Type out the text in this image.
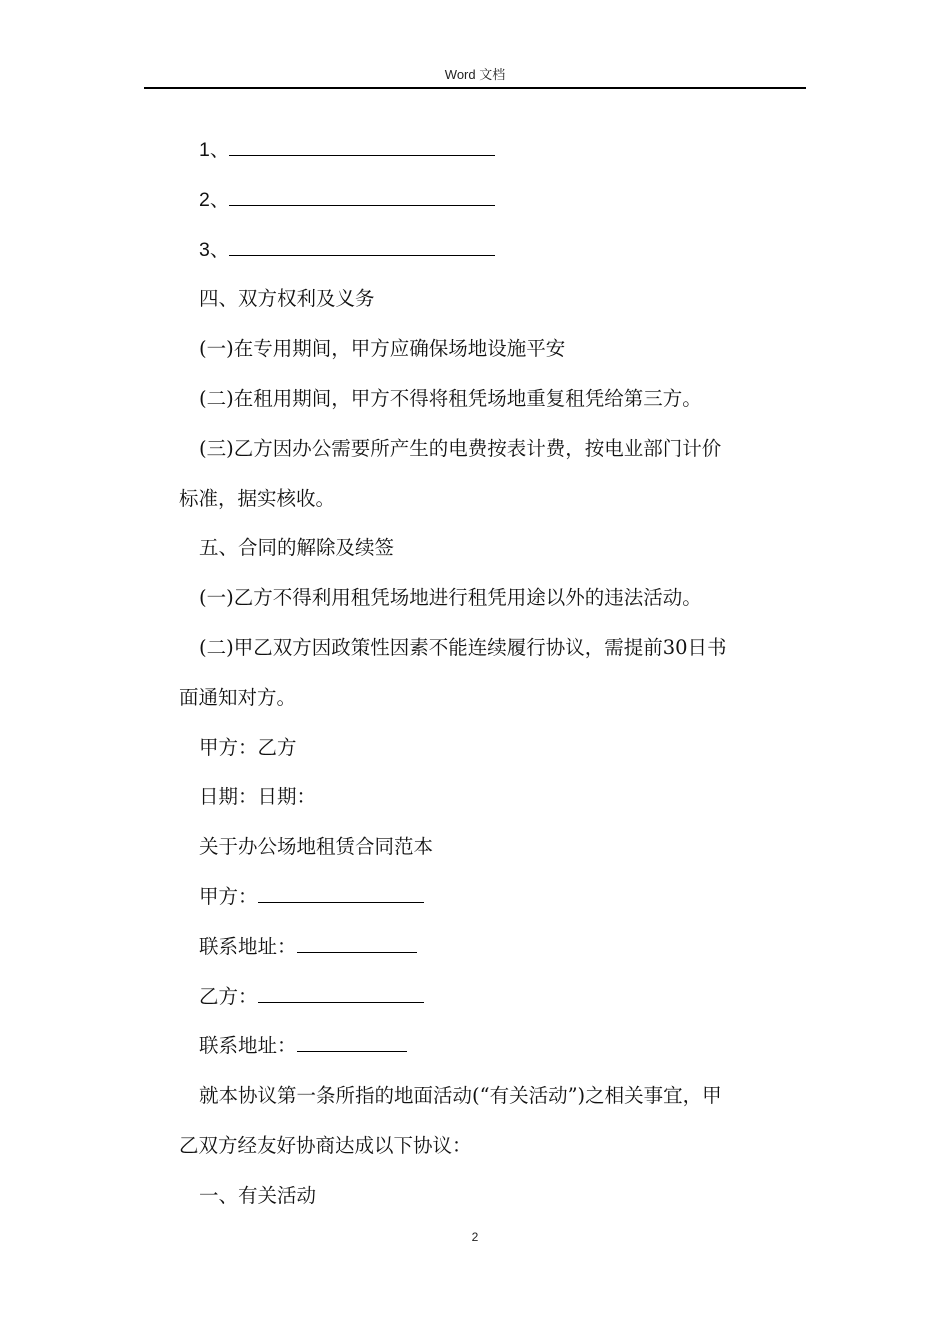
Word 文档
1、
2、
3、
四、双方权利及义务
(一)在专用期间，甲方应确保场地设施平安
(二)在租用期间，甲方不得将租凭场地重复租凭给第三方。
(三)乙方因办公需要所产生的电费按表计费，按电业部门计价
标准，据实核收。
五、合同的解除及续签
(一)乙方不得利用租凭场地进行租凭用途以外的违法活动。
(二)甲乙双方因政策性因素不能连续履行协议，需提前30日书
面通知对方。
甲方：乙方
日期：日期：
关于办公场地租赁合同范本
甲方：
联系地址：
乙方：
联系地址：
就本协议第一条所指的地面活动(“有关活动”)之相关事宜，甲
乙双方经友好协商达成以下协议：
一、有关活动
2
